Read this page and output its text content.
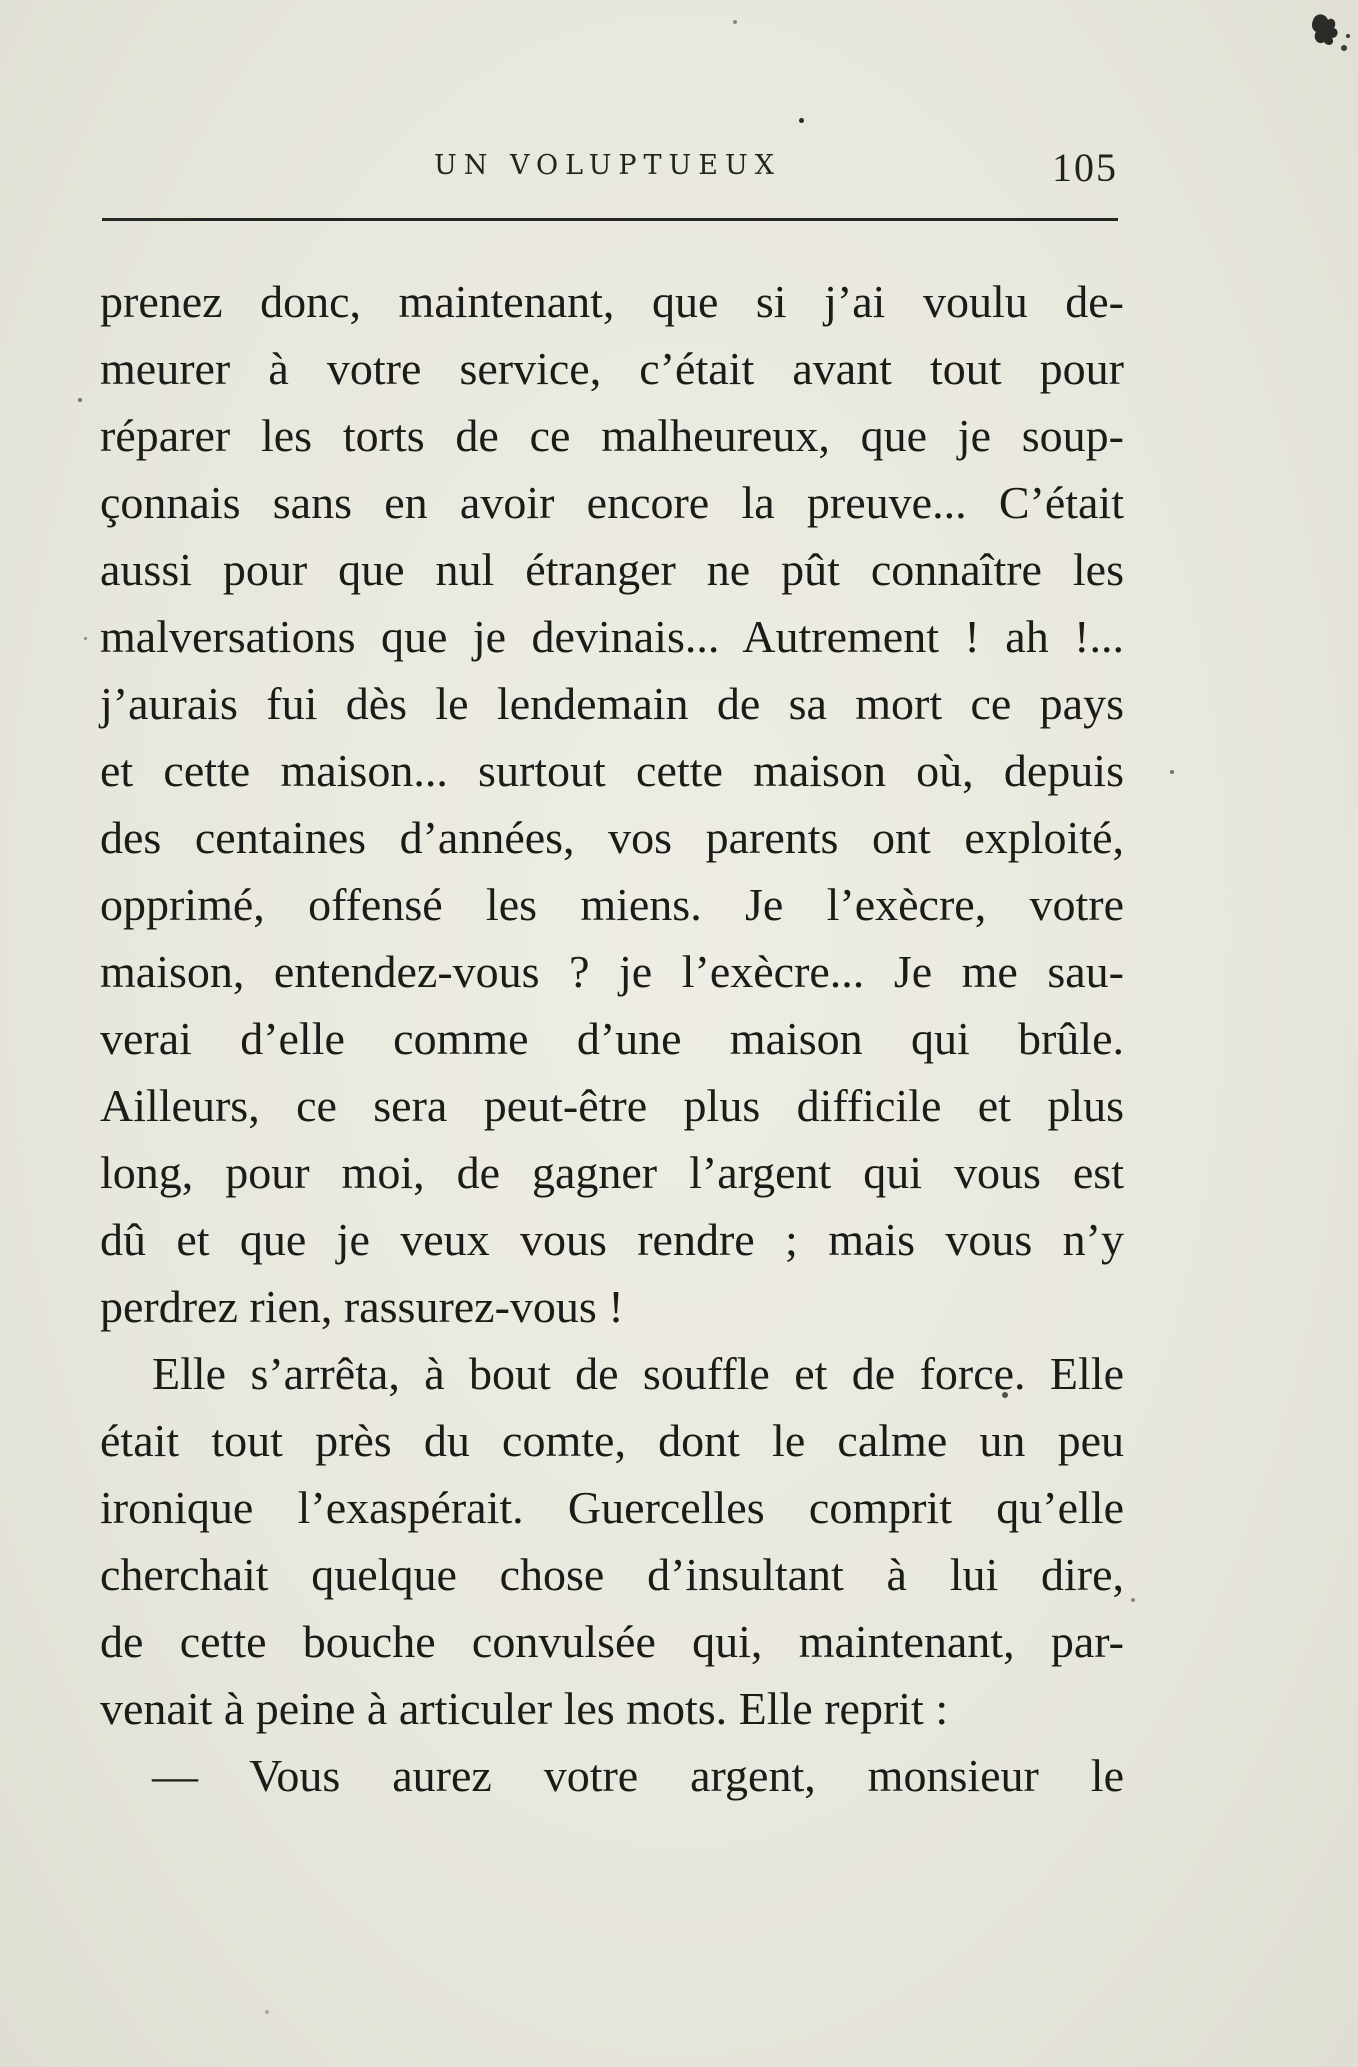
UN VOLUPTUEUX	105
prenez donc, maintenant, que si j’ai voulu de-
meurer à votre service, c’était avant tout pour
réparer les torts de ce malheureux, que je soup-
çonnais sans en avoir encore la preuve... C’était
aussi pour que nul étranger ne pût connaître les
malversations que je devinais... Autrement ! ah !...
j’aurais fui dès le lendemain de sa mort ce pays
et cette maison... surtout cette maison où, depuis
des centaines d’années, vos parents ont exploité,
opprimé, offensé les miens. Je l’exècre, votre
maison, entendez-vous ? je l’exècre... Je me sau-
verai d’elle comme d’une maison qui brûle.
Ailleurs, ce sera peut-être plus difficile et plus
long, pour moi, de gagner l’argent qui vous est
dû et que je veux vous rendre ; mais vous n’y
perdrez rien, rassurez-vous !
Elle s’arrêta, à bout de souffle et de force. Elle
était tout près du comte, dont le calme un peu
ironique l’exaspérait. Guercelles comprit qu’elle
cherchait quelque chose d’insultant à lui dire,
de cette bouche convulsée qui, maintenant, par-
venait à peine à articuler les mots. Elle reprit :
— Vous aurez votre argent, monsieur le
